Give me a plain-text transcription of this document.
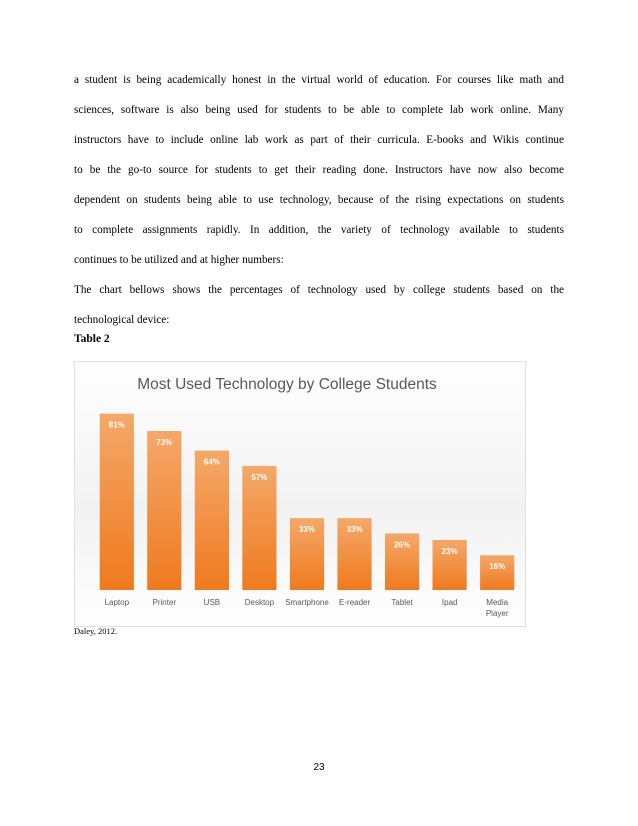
a student is being academically honest in the virtual world of education. For courses like math and
sciences, software is also being used for students to be able to complete lab work online. Many
instructors have to include online lab work as part of their curricula. E-books and Wikis continue
to be the go-to source for students to get their reading done. Instructors have now also become
dependent on students being able to use technology, because of the rising expectations on students
to complete assignments rapidly. In addition, the variety of technology available to students
continues to be utilized and at higher numbers:
The chart bellows shows the percentages of technology used by college students based on the
technological device:
Table 2
Most Used Technology by College Students
81%
73%
64%
57%
33%	33%
26%
23%
16%
Laptop	Printer	USB	Desktop Smartphone E-reader	Tablet	Ipad	Media Player
Daley, 2012.
23
